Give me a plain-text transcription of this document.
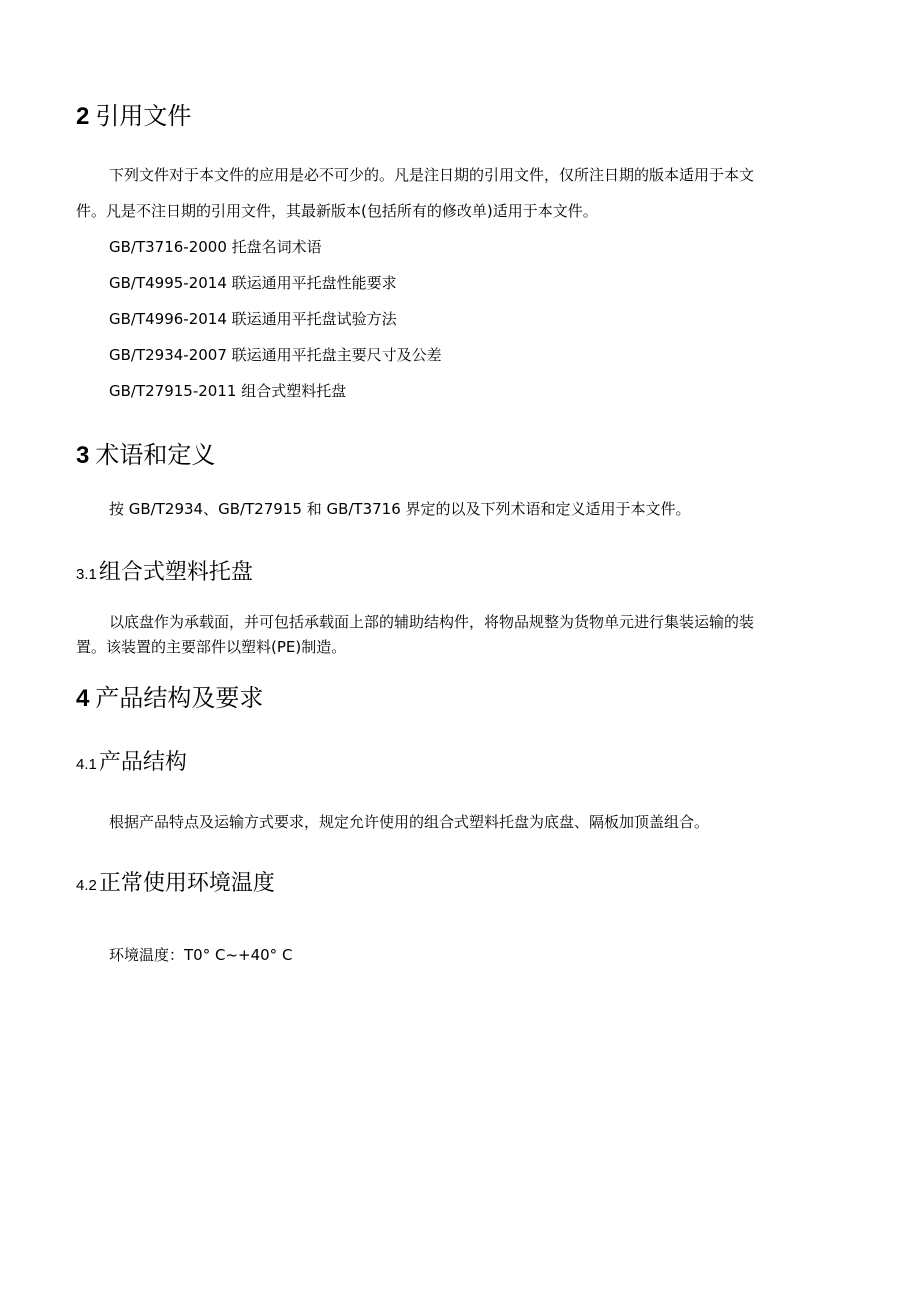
2 引用文件
下列文件对于本文件的应用是必不可少的。凡是注日期的引用文件，仅所注日期的版本适用于本文
件。凡是不注日期的引用文件，其最新版本(包括所有的修改单)适用于本文件。
GB/T3716-2000 托盘名词术语
GB/T4995-2014 联运通用平托盘性能要求
GB/T4996-2014 联运通用平托盘试验方法
GB/T2934-2007 联运通用平托盘主要尺寸及公差
GB/T27915-2011 组合式塑料托盘
3 术语和定义
按 GB/T2934、GB/T27915 和 GB/T3716 界定的以及下列术语和定义适用于本文件。
3.1组合式塑料托盘
以底盘作为承载面，并可包括承载面上部的辅助结构件，将物品规整为货物单元进行集装运输的装
置。该装置的主要部件以塑料(PE)制造。
4 产品结构及要求
4.1产品结构
根据产品特点及运输方式要求，规定允许使用的组合式塑料托盘为底盘、隔板加顶盖组合。
4.2正常使用环境温度
环境温度：T0° C~+40° C
